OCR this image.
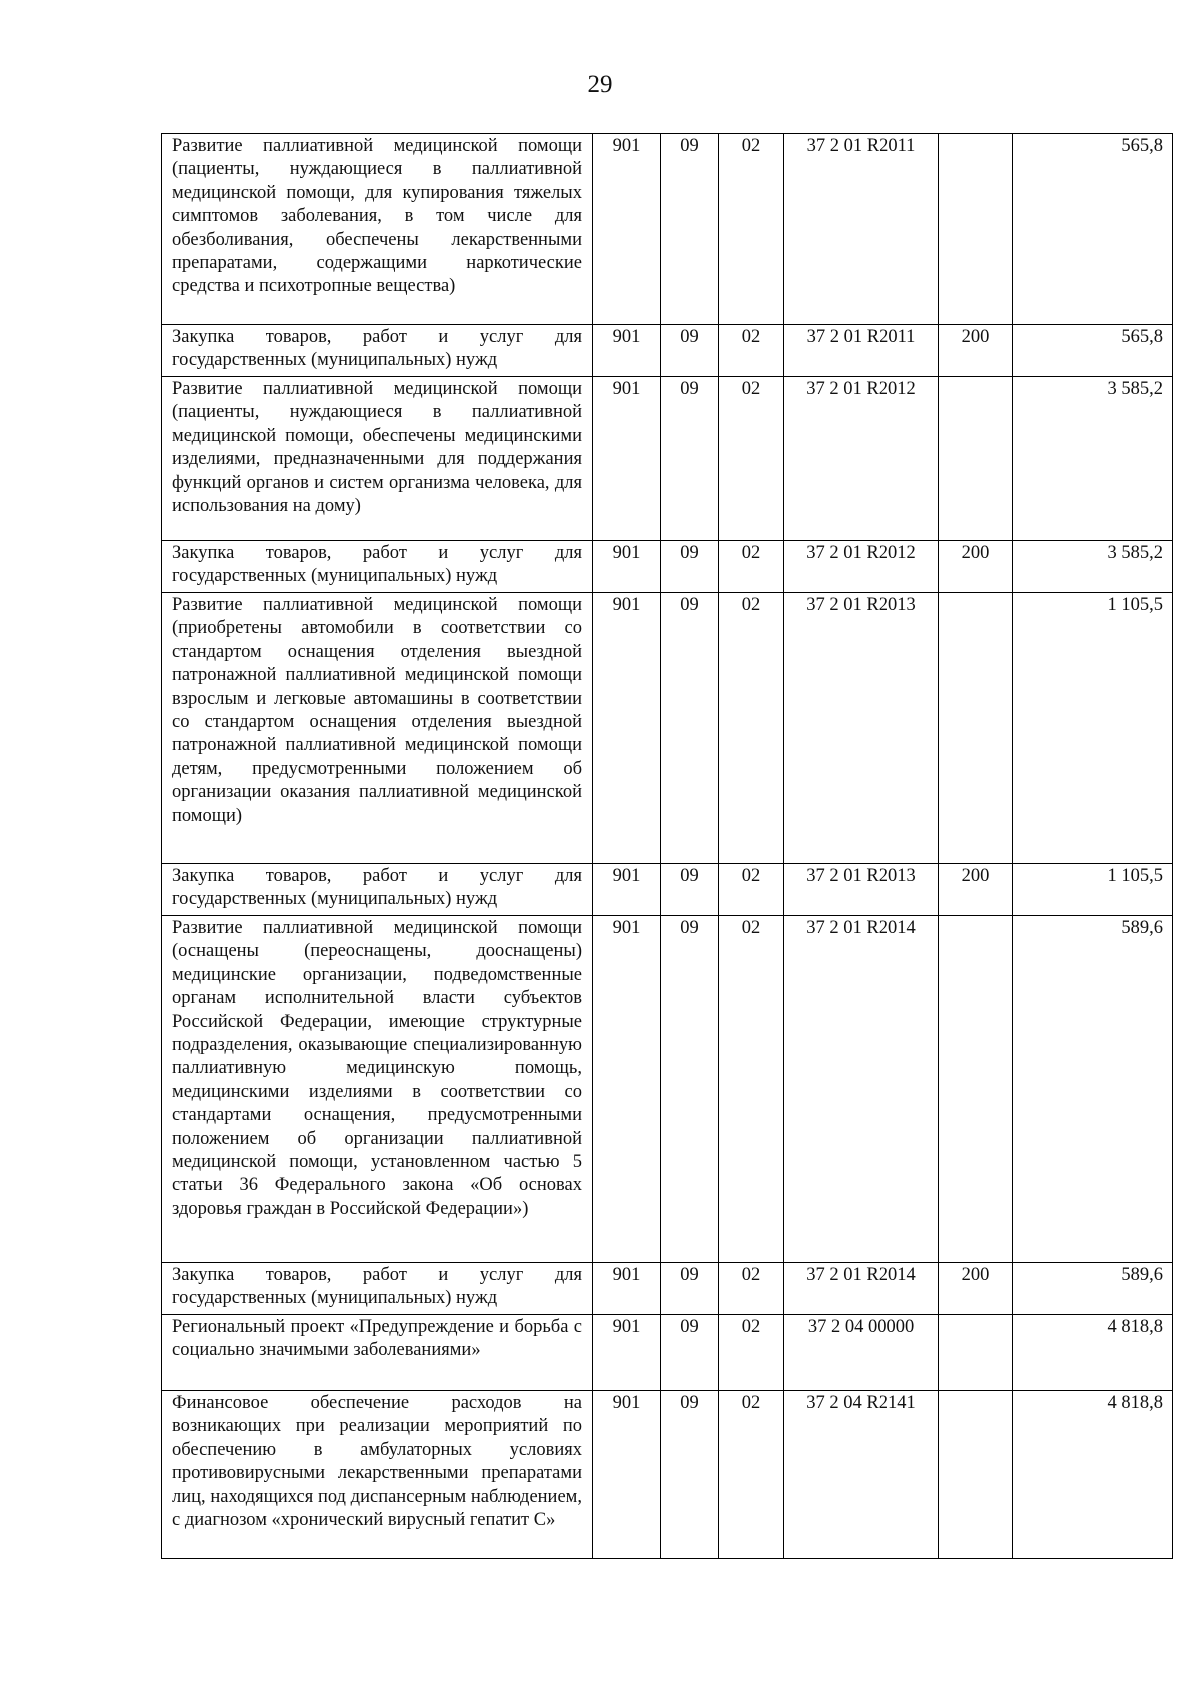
29
Развитие паллиативной медицинской помощи (пациенты, нуждающиеся в паллиативной медицинской помощи, для купирования тяжелых симптомов заболевания, в том числе для обезболивания, обеспечены лекарственными препаратами, содержащими наркотические средства и психотропные вещества)	901	09	02	37 2 01 R2011		565,8
Закупка товаров, работ и услуг для государственных (муниципальных) нужд	901	09	02	37 2 01 R2011	200	565,8
Развитие паллиативной медицинской помощи (пациенты, нуждающиеся в паллиативной медицинской помощи, обеспечены медицинскими изделиями, предназначенными для поддержания функций органов и систем организма человека, для использования на дому)	901	09	02	37 2 01 R2012		3 585,2
Закупка товаров, работ и услуг для государственных (муниципальных) нужд	901	09	02	37 2 01 R2012	200	3 585,2
Развитие паллиативной медицинской помощи (приобретены автомобили в соответствии со стандартом оснащения отделения выездной патронажной паллиативной медицинской помощи взрослым и легковые автомашины в соответствии со стандартом оснащения отделения выездной патронажной паллиативной медицинской помощи детям, предусмотренными положением об организации оказания паллиативной медицинской помощи)	901	09	02	37 2 01 R2013		1 105,5
Закупка товаров, работ и услуг для государственных (муниципальных) нужд	901	09	02	37 2 01 R2013	200	1 105,5
Развитие паллиативной медицинской помощи (оснащены (переоснащены, дооснащены) медицинские организации, подведомственные органам исполнительной власти субъектов Российской Федерации, имеющие структурные подразделения, оказывающие специализированную паллиативную медицинскую помощь, медицинскими изделиями в соответствии со стандартами оснащения, предусмотренными положением об организации паллиативной медицинской помощи, установленном частью 5 статьи 36 Федерального закона «Об основах здоровья граждан в Российской Федерации»)	901	09	02	37 2 01 R2014		589,6
Закупка товаров, работ и услуг для государственных (муниципальных) нужд	901	09	02	37 2 01 R2014	200	589,6
Региональный проект «Предупреждение и борьба с социально значимыми заболеваниями»	901	09	02	37 2 04 00000		4 818,8
Финансовое обеспечение расходов на возникающих при реализации мероприятий по обеспечению в амбулаторных условиях противовирусными лекарственными препаратами лиц, находящихся под диспансерным наблюдением, с диагнозом «хронический вирусный гепатит С»	901	09	02	37 2 04 R2141		4 818,8
